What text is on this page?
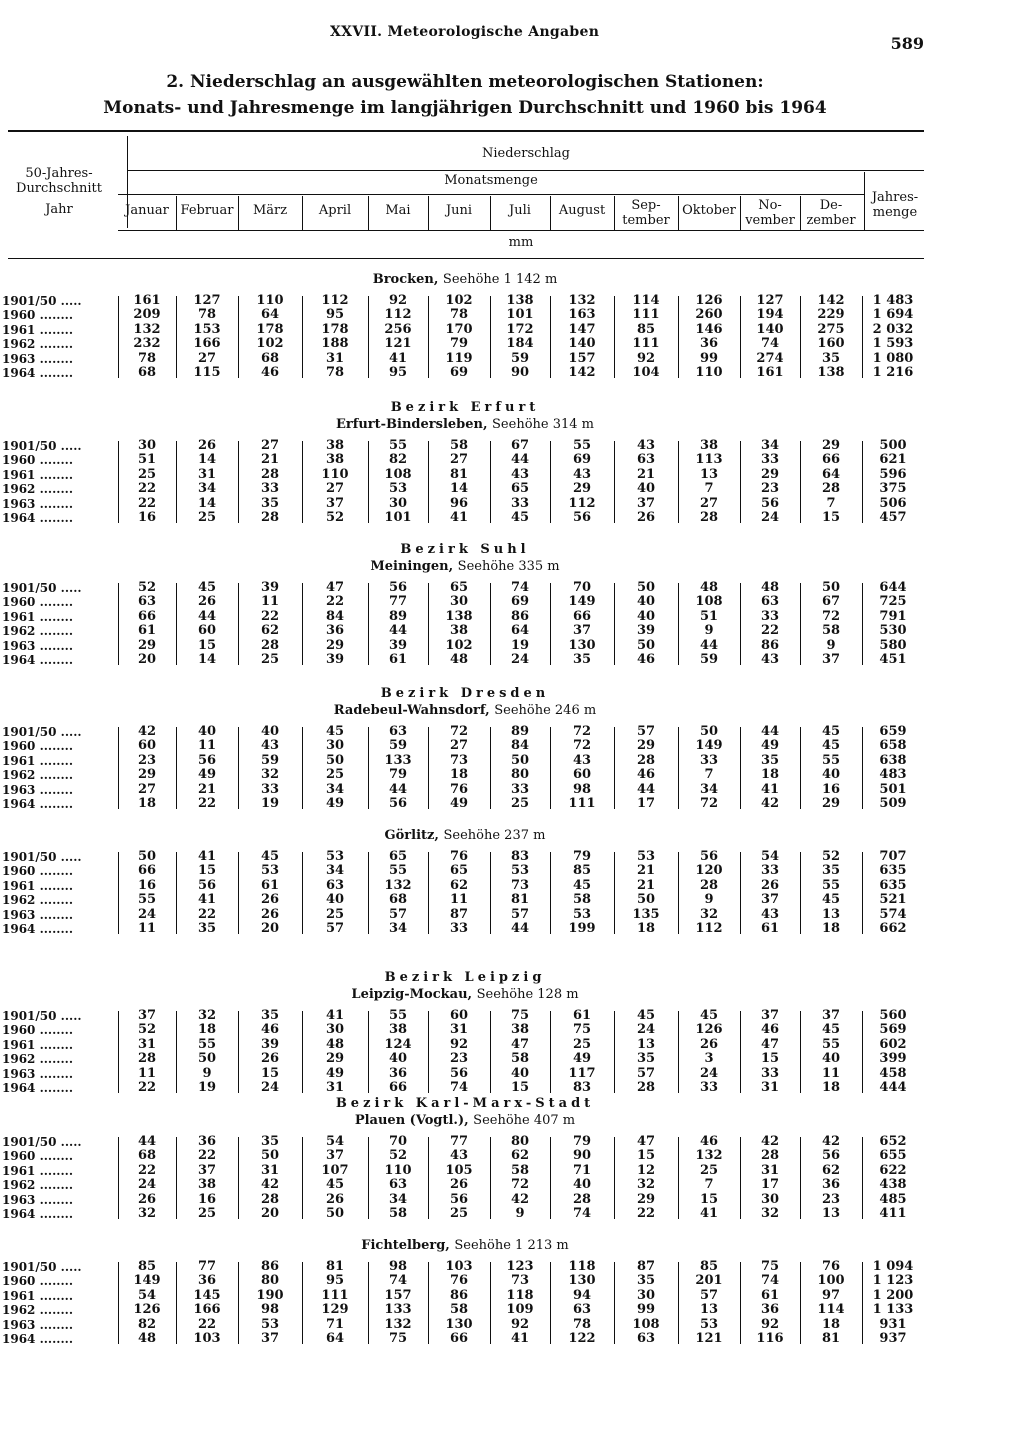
XXVII. Meteorologische Angaben
589
2. Niederschlag an ausgewählten meteorologischen Stationen:
Monats- und Jahresmenge im langjährigen Durchschnitt und 1960 bis 1964
50-Jahres-
Durchschnitt
Jahr
Niederschlag
Monatsmenge
Januar Februar	März	April	Mai	Juni	Juli	August	Sep-
tember
Oktober	No-
vember
De-
zember
Jahres-
menge
mm
Brocken, Seehöhe 1 142 m
1901/50 .....	161	127	110	112	92	102	138	132	114	126	127	142	1 483
1960 ........	209	78	64	95	112	78	101	163	111	260	194	229	1 694
1961 ........	132	153	178	178	256	170	172	147	85	146	140	275	2 032
1962 ........	232	166	102	188	121	79	184	140	111	36	74	160	1 593
1963 ........	78	27	68	31	41	119	59	157	92	99	274	35	1 080
1964 ........	68	115	46	78	95	69	90	142	104	110	161	138	1 216
Bezirk Erfurt
Erfurt-Bindersleben, Seehöhe 314 m
1901/50 .....	30	26	27	38	55	58	67	55	43	38	34	29	500
1960 ........	51	14	21	38	82	27	44	69	63	113	33	66	621
1961 ........	25	31	28	110	108	81	43	43	21	13	29	64	596
1962 ........	22	34	33	27	53	14	65	29	40	7	23	28	375
1963 ........	22	14	35	37	30	96	33	112	37	27	56	7	506
1964 ........	16	25	28	52	101	41	45	56	26	28	24	15	457
Bezirk Suhl
Meiningen, Seehöhe 335 m
1901/50 .....	52	45	39	47	56	65	74	70	50	48	48	50	644
1960 ........	63	26	11	22	77	30	69	149	40	108	63	67	725
1961 ........	66	44	22	84	89	138	86	66	40	51	33	72	791
1962 ........	61	60	62	36	44	38	64	37	39	9	22	58	530
1963 ........	29	15	28	29	39	102	19	130	50	44	86	9	580
1964 ........	20	14	25	39	61	48	24	35	46	59	43	37	451
Bezirk Dresden
Radebeul-Wahnsdorf, Seehöhe 246 m
1901/50 .....	42	40	40	45	63	72	89	72	57	50	44	45	659
1960 ........	60	11	43	30	59	27	84	72	29	149	49	45	658
1961 ........	23	56	59	50	133	73	50	43	28	33	35	55	638
1962 ........	29	49	32	25	79	18	80	60	46	7	18	40	483
1963 ........	27	21	33	34	44	76	33	98	44	34	41	16	501
1964 ........	18	22	19	49	56	49	25	111	17	72	42	29	509
Görlitz, Seehöhe 237 m
1901/50 .....	50	41	45	53	65	76	83	79	53	56	54	52	707
1960 ........	66	15	53	34	55	65	53	85	21	120	33	35	635
1961 ........	16	56	61	63	132	62	73	45	21	28	26	55	635
1962 ........	55	41	26	40	68	11	81	58	50	9	37	45	521
1963 ........	24	22	26	25	57	87	57	53	135	32	43	13	574
1964 ........	11	35	20	57	34	33	44	199	18	112	61	18	662
Bezirk Leipzig
Leipzig-Mockau, Seehöhe 128 m
1901/50 .....	37	32	35	41	55	60	75	61	45	45	37	37	560
1960 ........	52	18	46	30	38	31	38	75	24	126	46	45	569
1961 ........	31	55	39	48	124	92	47	25	13	26	47	55	602
1962 ........	28	50	26	29	40	23	58	49	35	3	15	40	399
1963 ........	11	9	15	49	36	56	40	117	57	24	33	11	458
1964 ........	22	19	24	31	66	74	15	83	28	33	31	18	444
Bezirk Karl-Marx-Stadt
Plauen (Vogtl.), Seehöhe 407 m
1901/50 .....	44	36	35	54	70	77	80	79	47	46	42	42	652
1960 ........	68	22	50	37	52	43	62	90	15	132	28	56	655
1961 ........	22	37	31	107	110	105	58	71	12	25	31	62	622
1962 ........	24	38	42	45	63	26	72	40	32	7	17	36	438
1963 ........	26	16	28	26	34	56	42	28	29	15	30	23	485
1964 ........	32	25	20	50	58	25	9	74	22	41	32	13	411
Fichtelberg, Seehöhe 1 213 m
1901/50 .....	85	77	86	81	98	103	123	118	87	85	75	76	1 094
1960 ........	149	36	80	95	74	76	73	130	35	201	74	100	1 123
1961 ........	54	145	190	111	157	86	118	94	30	57	61	97	1 200
1962 ........	126	166	98	129	133	58	109	63	99	13	36	114	1 133
1963 ........	82	22	53	71	132	130	92	78	108	53	92	18	931
1964 ........	48	103	37	64	75	66	41	122	63	121	116	81	937
